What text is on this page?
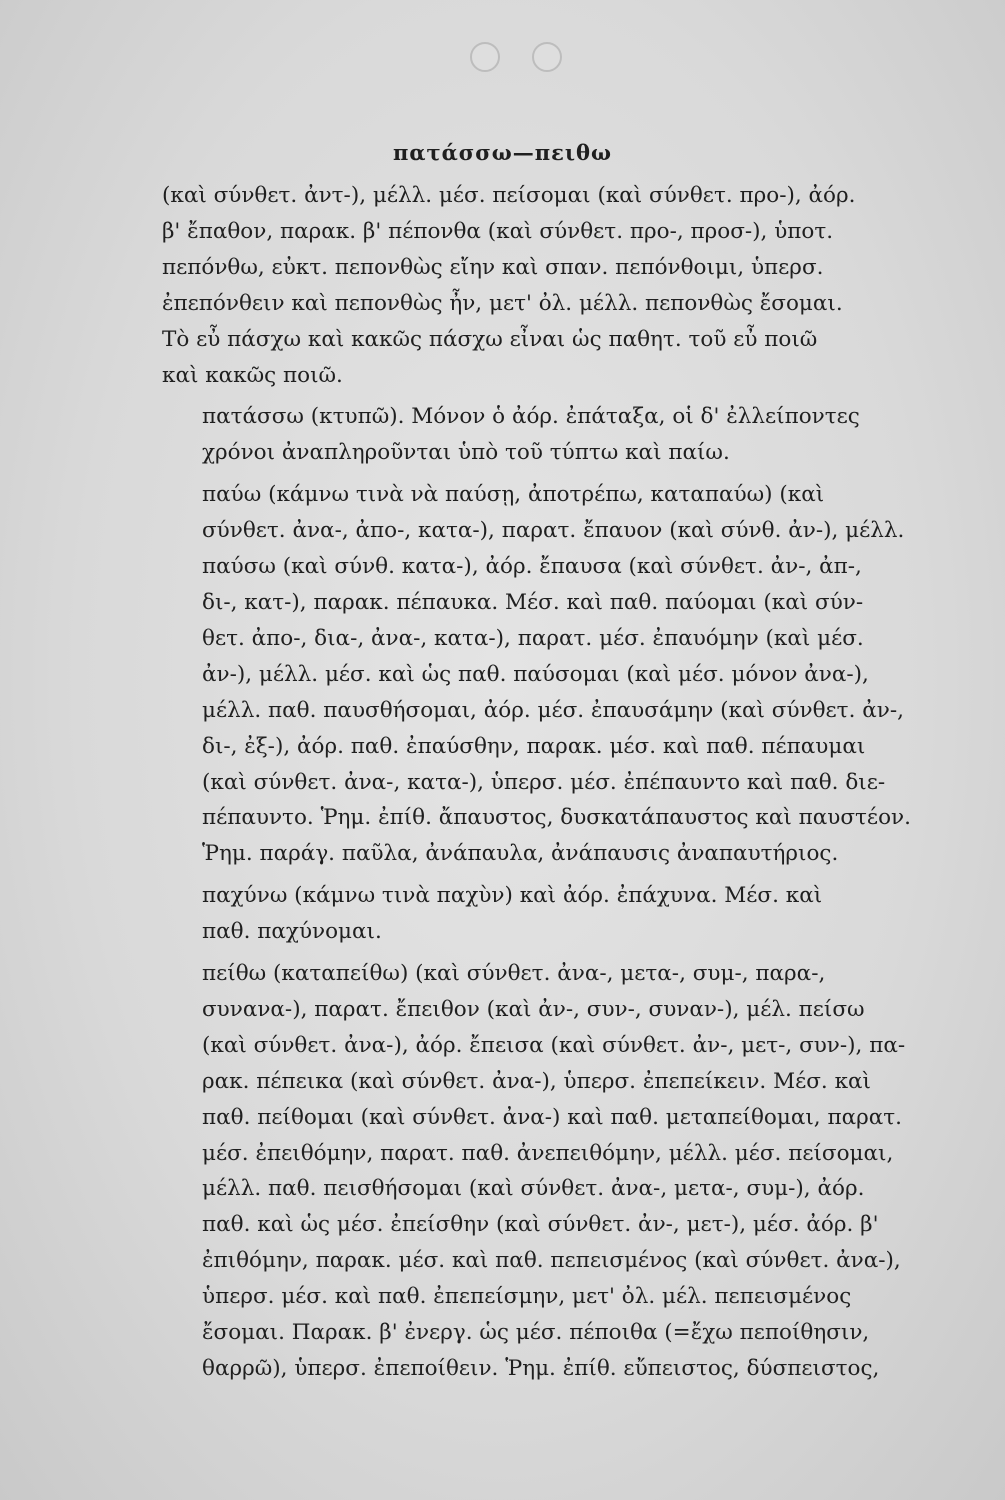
πατάσσω—πειθω
(καὶ σύνθετ. ἀντ-), μέλλ. μέσ. πείσομαι (καὶ σύνθετ. προ-), ἀόρ.
β' ἔπαθον, παρακ. β' πέπονθα (καὶ σύνθετ. προ-, προσ-), ὑποτ.
πεπόνθω, εὐκτ. πεπονθὼς εἴην καὶ σπαν. πεπόνθοιμι, ὑπερσ.
ἐπεπόνθειν καὶ πεπονθὼς ἦν, μετ' ὀλ. μέλλ. πεπονθὼς ἔσομαι.
Τὸ εὖ πάσχω καὶ κακῶς πάσχω εἶναι ὡς παθητ. τοῦ εὖ ποιῶ
καὶ κακῶς ποιῶ.
πατάσσω (κτυπῶ). Μόνον ὁ ἀόρ. ἐπάταξα, οἱ δ' ἐλλείποντες
χρόνοι ἀναπληροῦνται ὑπὸ τοῦ τύπτω καὶ παίω.
παύω (κάμνω τινὰ νὰ παύσῃ, ἀποτρέπω, καταπαύω) (καὶ
σύνθετ. ἀνα-, ἀπο-, κατα-), παρατ. ἔπαυον (καὶ σύνθ. ἀν-), μέλλ.
παύσω (καὶ σύνθ. κατα-), ἀόρ. ἔπαυσα (καὶ σύνθετ. ἀν-, ἀπ-,
δι-, κατ-), παρακ. πέπαυκα. Μέσ. καὶ παθ. παύομαι (καὶ σύν-
θετ. ἀπο-, δια-, ἀνα-, κατα-), παρατ. μέσ. ἐπαυόμην (καὶ μέσ.
ἀν-), μέλλ. μέσ. καὶ ὡς παθ. παύσομαι (καὶ μέσ. μόνον ἀνα-),
μέλλ. παθ. παυσθήσομαι, ἀόρ. μέσ. ἐπαυσάμην (καὶ σύνθετ. ἀν-,
δι-, ἐξ-), ἀόρ. παθ. ἐπαύσθην, παρακ. μέσ. καὶ παθ. πέπαυμαι
(καὶ σύνθετ. ἀνα-, κατα-), ὑπερσ. μέσ. ἐπέπαυντο καὶ παθ. διε-
πέπαυντο. Ῥημ. ἐπίθ. ἄπαυστος, δυσκατάπαυστος καὶ παυστέον.
Ῥημ. παράγ. παῦλα, ἀνάπαυλα, ἀνάπαυσις ἀναπαυτήριος.
παχύνω (κάμνω τινὰ παχὺν) καὶ ἀόρ. ἐπάχυνα. Μέσ. καὶ
παθ. παχύνομαι.
πείθω (καταπείθω) (καὶ σύνθετ. ἀνα-, μετα-, συμ-, παρα-,
συνανα-), παρατ. ἔπειθον (καὶ ἀν-, συν-, συναν-), μέλ. πείσω
(καὶ σύνθετ. ἀνα-), ἀόρ. ἔπεισα (καὶ σύνθετ. ἀν-, μετ-, συν-), πα-
ρακ. πέπεικα (καὶ σύνθετ. ἀνα-), ὑπερσ. ἐπεπείκειν. Μέσ. καὶ
παθ. πείθομαι (καὶ σύνθετ. ἀνα-) καὶ παθ. μεταπείθομαι, παρατ.
μέσ. ἐπειθόμην, παρατ. παθ. ἀνεπειθόμην, μέλλ. μέσ. πείσομαι,
μέλλ. παθ. πεισθήσομαι (καὶ σύνθετ. ἀνα-, μετα-, συμ-), ἀόρ.
παθ. καὶ ὡς μέσ. ἐπείσθην (καὶ σύνθετ. ἀν-, μετ-), μέσ. ἀόρ. β'
ἐπιθόμην, παρακ. μέσ. καὶ παθ. πεπεισμένος (καὶ σύνθετ. ἀνα-),
ὑπερσ. μέσ. καὶ παθ. ἐπεπείσμην, μετ' ὀλ. μέλ. πεπεισμένος
ἔσομαι. Παρακ. β' ἐνεργ. ὡς μέσ. πέποιθα (=ἔχω πεποίθησιν,
θαρρῶ), ὑπερσ. ἐπεποίθειν. Ῥημ. ἐπίθ. εὔπειστος, δύσπειστος,
